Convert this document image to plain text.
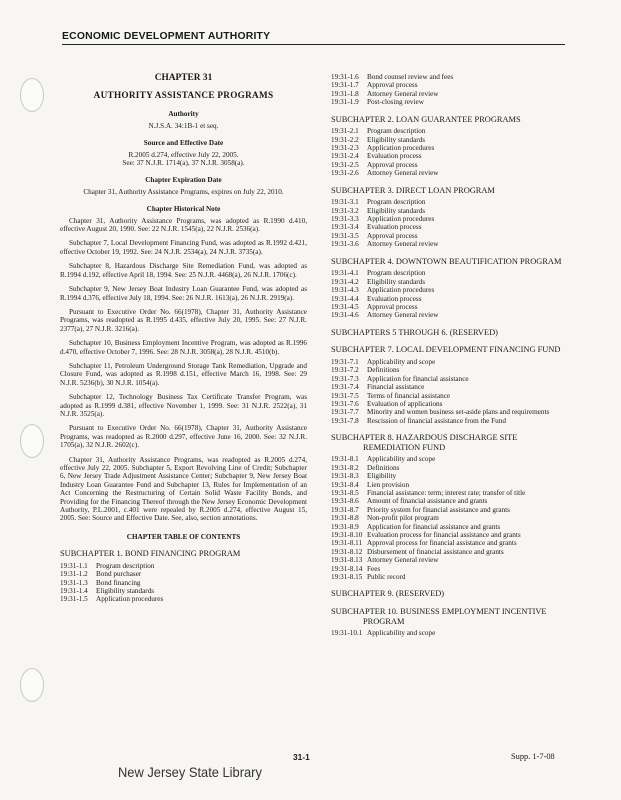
ECONOMIC DEVELOPMENT AUTHORITY
CHAPTER 31
AUTHORITY ASSISTANCE PROGRAMS
Authority
N.J.S.A. 34:1B-1 et seq.
Source and Effective Date
R.2005 d.274, effective July 22, 2005.
See: 37 N.J.R. 1714(a), 37 N.J.R. 3058(a).
Chapter Expiration Date
Chapter 31, Authority Assistance Programs, expires on July 22, 2010.
Chapter Historical Note

Chapter 31, Authority Assistance Programs, was adopted as R.1990 d.410, effective August 20, 1990. See: 22 N.J.R. 1545(a), 22 N.J.R. 2536(a).

Subchapter 7, Local Development Financing Fund, was adopted as R.1992 d.421, effective October 19, 1992. See: 24 N.J.R. 2534(a), 24 N.J.R. 3735(a).

Subchapter 8, Hazardous Discharge Site Remediation Fund, was adopted as R.1994 d.192, effective April 18, 1994. See: 25 N.J.R. 4468(a), 26 N.J.R. 1706(c).

Subchapter 9, New Jersey Boat Industry Loan Guarantee Fund, was adopted as R.1994 d.376, effective July 18, 1994. See: 26 N.J.R. 1613(a), 26 N.J.R. 2919(a).

Pursuant to Executive Order No. 66(1978), Chapter 31, Authority Assistance Programs, was readopted as R.1995 d.435, effective July 20, 1995. See: 27 N.J.R. 2377(a), 27 N.J.R. 3216(a).

Subchapter 10, Business Employment Incentive Program, was adopted as R.1996 d.470, effective October 7, 1996. See: 28 N.J.R. 3058(a), 28 N.J.R. 4510(b).

Subchapter 11, Petroleum Underground Storage Tank Remediation, Upgrade and Closure Fund, was adopted as R.1998 d.151, effective March 16, 1998. See: 29 N.J.R. 5236(b), 30 N.J.R. 1054(a).

Subchapter 12, Technology Business Tax Certificate Transfer Program, was adopted as R.1999 d.381, effective November 1, 1999. See: 31 N.J.R. 2522(a), 31 N.J.R. 3525(a).

Pursuant to Executive Order No. 66(1978), Chapter 31, Authority Assistance Programs, was readopted as R.2000 d.297, effective June 16, 2000. See: 32 N.J.R. 1705(a), 32 N.J.R. 2602(c).

Chapter 31, Authority Assistance Programs, was readopted as R.2005 d.274, effective July 22, 2005. Subchapter 5, Export Revolving Line of Credit; Subchapter 6, New Jersey Trade Adjustment Assistance Center; Subchapter 9, New Jersey Boat Industry Loan Guarantee Fund and Subchapter 13, Rules for Implementation of an Act Concerning the Restructuring of Certain Solid Waste Facility Bonds, and Providing for the Financing Thereof through the New Jersey Economic Development Authority, P.L.2001, c.401 were repealed by R.2005 d.274, effective August 15, 2005. See: Source and Effective Date. See, also, section annotations.

CHAPTER TABLE OF CONTENTS
SUBCHAPTER 1. BOND FINANCING PROGRAM
19:31-1.1	Program description
19:31-1.2	Bond purchaser
19:31-1.3	Bond financing
19:31-1.4	Eligibility standards
19:31-1.5	Application procedures
19:31-1.6	Bond counsel review and fees
19:31-1.7	Approval process
19:31-1.8	Attorney General review
19:31-1.9	Post-closing review
SUBCHAPTER 2. LOAN GUARANTEE PROGRAMS
19:31-2.1	Program description
19:31-2.2	Eligibility standards
19:31-2.3	Application procedures
19:31-2.4	Evaluation process
19:31-2.5	Approval process
19:31-2.6	Attorney General review
SUBCHAPTER 3. DIRECT LOAN PROGRAM
19:31-3.1	Program description
19:31-3.2	Eligibility standards
19:31-3.3	Application procedures
19:31-3.4	Evaluation process
19:31-3.5	Approval process
19:31-3.6	Attorney General review
SUBCHAPTER 4. DOWNTOWN BEAUTIFICATION PROGRAM
19:31-4.1	Program description
19:31-4.2	Eligibility standards
19:31-4.3	Application procedures
19:31-4.4	Evaluation process
19:31-4.5	Approval process
19:31-4.6	Attorney General review
SUBCHAPTERS 5 THROUGH 6. (RESERVED)
SUBCHAPTER 7. LOCAL DEVELOPMENT FINANCING FUND
19:31-7.1	Applicability and scope
19:31-7.2	Definitions
19:31-7.3	Application for financial assistance
19:31-7.4	Financial assistance
19:31-7.5	Terms of financial assistance
19:31-7.6	Evaluation of applications
19:31-7.7	Minority and women business set-aside plans and requirements
19:31-7.8	Rescission of financial assistance from the Fund
SUBCHAPTER 8. HAZARDOUS DISCHARGE SITE REMEDIATION FUND
19:31-8.1	Applicability and scope
19:31-8.2	Definitions
19:31-8.3	Eligibility
19:31-8.4	Lien provision
19:31-8.5	Financial assistance: term; interest rate; transfer of title
19:31-8.6	Amount of financial assistance and grants
19:31-8.7	Priority system for financial assistance and grants
19:31-8.8	Non-profit pilot program
19:31-8.9	Application for financial assistance and grants
19:31-8.10 Evaluation process for financial assistance and grants
19:31-8.11 Approval process for financial assistance and grants
19:31-8.12 Disbursement of financial assistance and grants
19:31-8.13 Attorney General review
19:31-8.14 Fees
19:31-8.15 Public record
SUBCHAPTER 9. (RESERVED)
SUBCHAPTER 10. BUSINESS EMPLOYMENT INCENTIVE PROGRAM
19:31-10.1 Applicability and scope
31-1	Supp. 1-7-08
New Jersey State Library
